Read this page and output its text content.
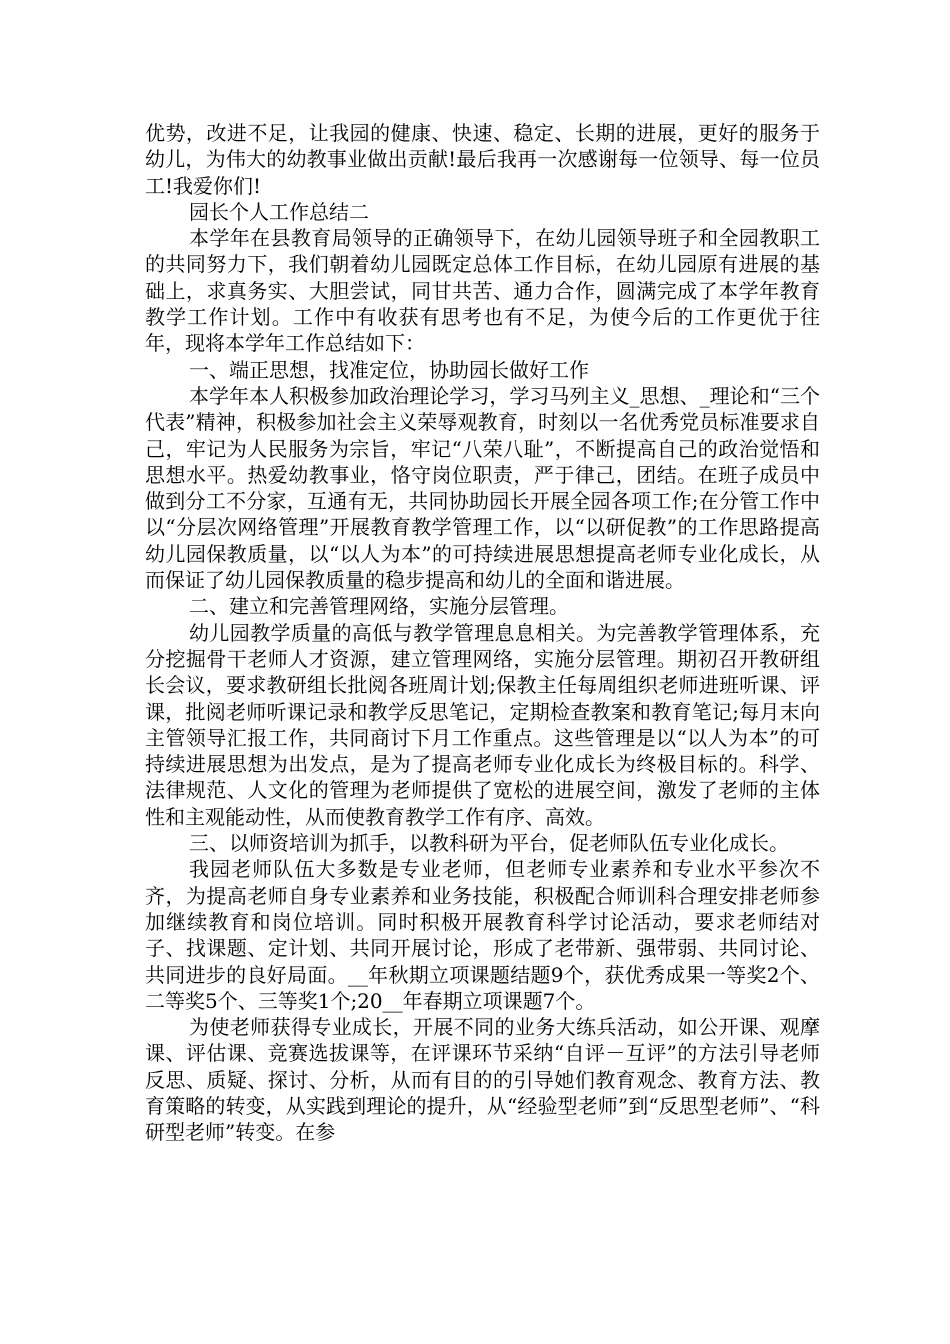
优势，改进不足，让我园的健康、快速、稳定、长期的进展，更好的服务于幼儿，为伟大的幼教事业做出贡献!最后我再一次感谢每一位领导、每一位员工!我爱你们!

园长个人工作总结二

本学年在县教育局领导的正确领导下，在幼儿园领导班子和全园教职工的共同努力下，我们朝着幼儿园既定总体工作目标，在幼儿园原有进展的基础上，求真务实、大胆尝试，同甘共苦、通力合作，圆满完成了本学年教育教学工作计划。工作中有收获有思考也有不足，为使今后的工作更优于往年，现将本学年工作总结如下：

一、端正思想，找准定位，协助园长做好工作

本学年本人积极参加政治理论学习，学习马列主义_思想、_理论和“三个代表”精神，积极参加社会主义荣辱观教育，时刻以一名优秀党员标准要求自己，牢记为人民服务为宗旨，牢记“八荣八耻”，不断提高自己的政治觉悟和思想水平。热爱幼教事业，恪守岗位职责，严于律己，团结。在班子成员中做到分工不分家，互通有无，共同协助园长开展全园各项工作;在分管工作中以“分层次网络管理”开展教育教学管理工作，以“以研促教”的工作思路提高幼儿园保教质量，以“以人为本”的可持续进展思想提高老师专业化成长，从而保证了幼儿园保教质量的稳步提高和幼儿的全面和谐进展。

二、建立和完善管理网络，实施分层管理。

幼儿园教学质量的高低与教学管理息息相关。为完善教学管理体系，充分挖掘骨干老师人才资源，建立管理网络，实施分层管理。期初召开教研组长会议，要求教研组长批阅各班周计划;保教主任每周组织老师进班听课、评课，批阅老师听课记录和教学反思笔记，定期检查教案和教育笔记;每月末向主管领导汇报工作，共同商讨下月工作重点。这些管理是以“以人为本”的可持续进展思想为出发点，是为了提高老师专业化成长为终极目标的。科学、法律规范、人文化的管理为老师提供了宽松的进展空间，激发了老师的主体性和主观能动性，从而使教育教学工作有序、高效。

三、以师资培训为抓手，以教科研为平台，促老师队伍专业化成长。

我园老师队伍大多数是专业老师，但老师专业素养和专业水平参次不齐，为提高老师自身专业素养和业务技能，积极配合师训科合理安排老师参加继续教育和岗位培训。同时积极开展教育科学讨论活动，要求老师结对子、找课题、定计划、共同开展讨论，形成了老带新、强带弱、共同讨论、共同进步的良好局面。__年秋期立项课题结题9个，获优秀成果一等奖2个、二等奖5个、三等奖1个;20__年春期立项课题7个。

为使老师获得专业成长，开展不同的业务大练兵活动，如公开课、观摩课、评估课、竞赛选拔课等，在评课环节采纳“自评－互评”的方法引导老师反思、质疑、探讨、分析，从而有目的的引导她们教育观念、教育方法、教育策略的转变，从实践到理论的提升，从“经验型老师”到“反思型老师”、“科研型老师”转变。在参
